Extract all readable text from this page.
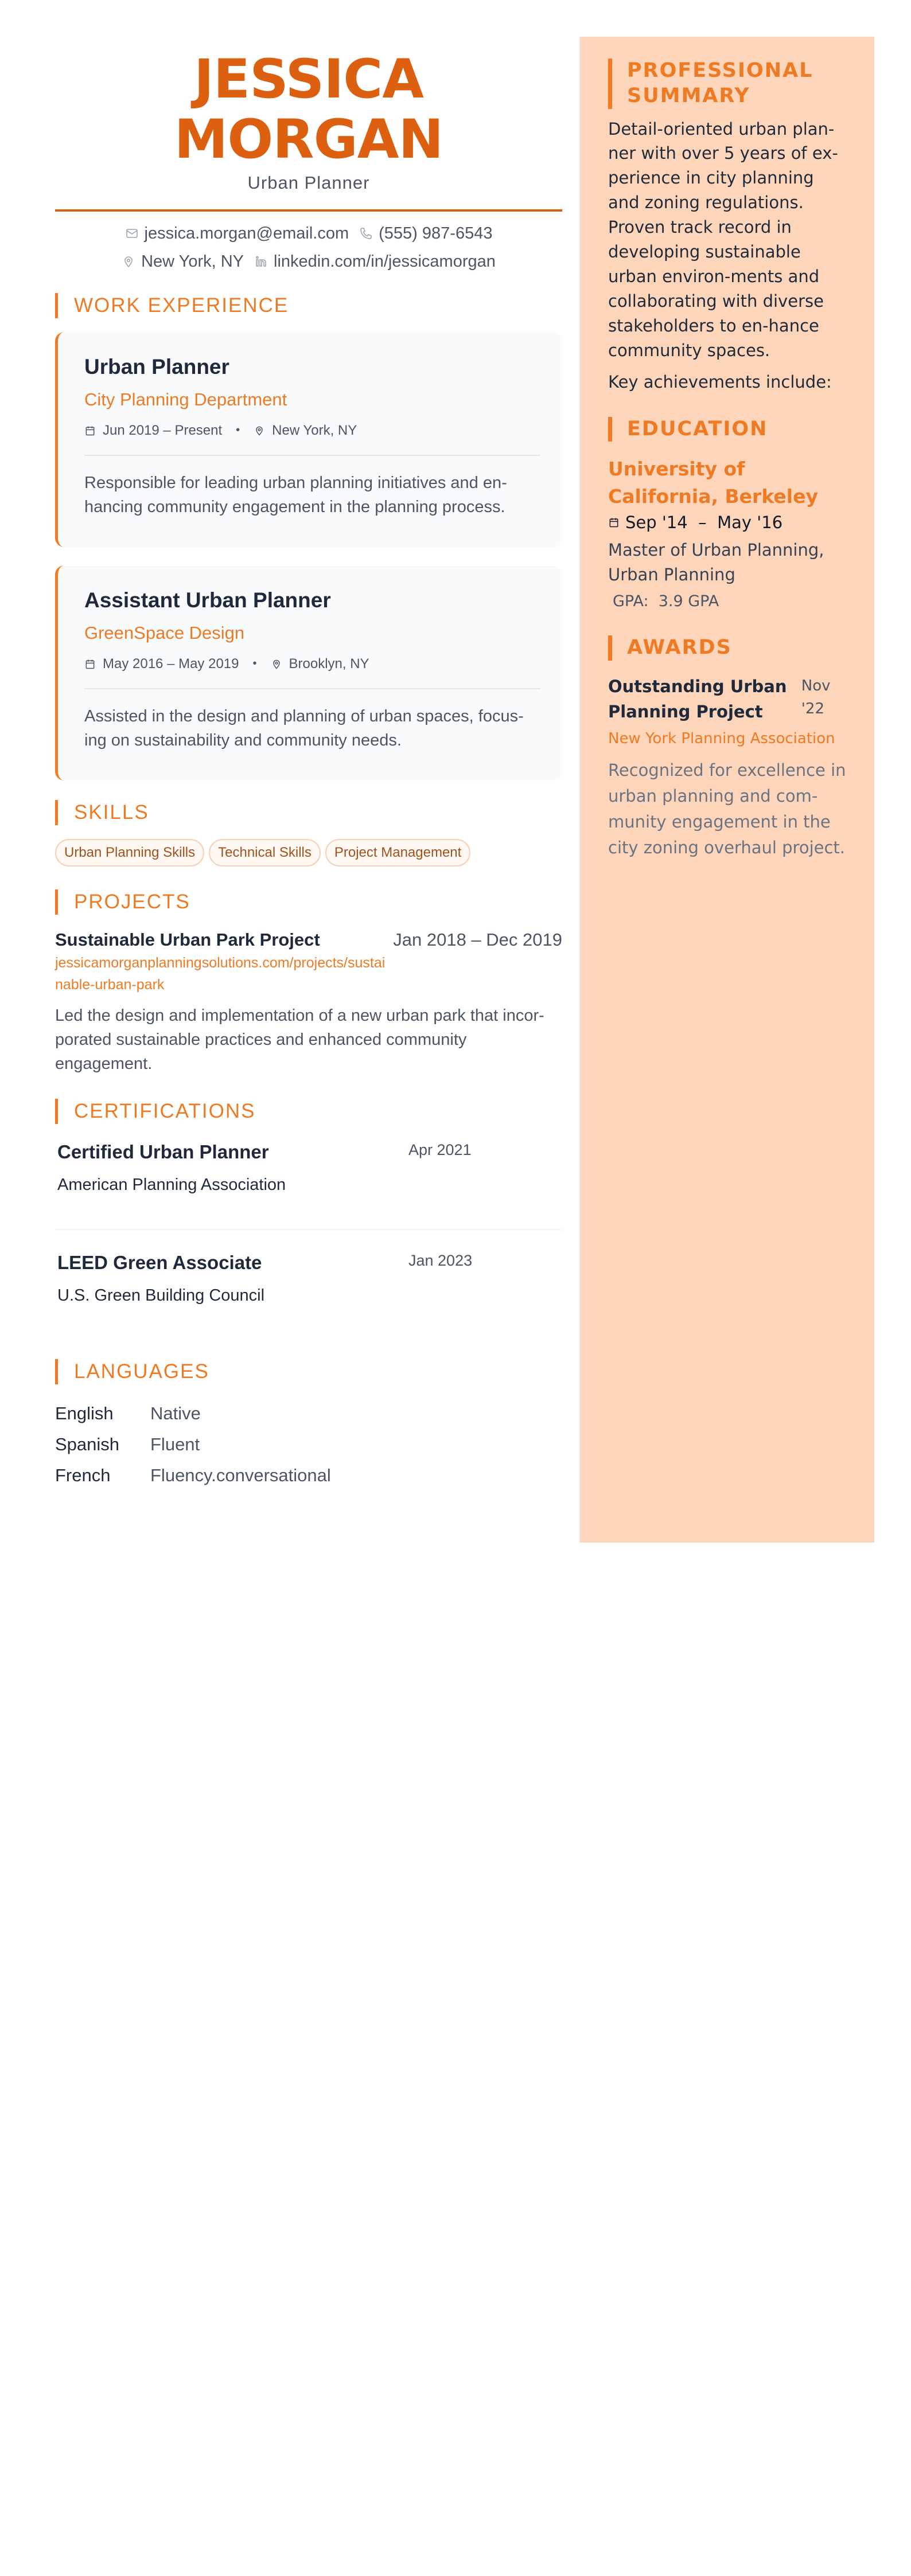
JESSICA MORGAN
Urban Planner
jessica.morgan@email.com (555) 987-6543
New York, NY linkedin.com/in/jessicamorgan
WORK EXPERIENCE
Urban Planner
City Planning Department
Jun 2019 – Present • New York, NY
Responsible for leading urban planning initiatives and en-hancing community engagement in the planning process.
Assistant Urban Planner
GreenSpace Design
May 2016 – May 2019 • Brooklyn, NY
Assisted in the design and planning of urban spaces, focus-ing on sustainability and community needs.
SKILLS
Urban Planning Skills	Technical Skills	Project Management
PROJECTS
Sustainable Urban Park Project	Jan 2018 – Dec 2019
jessicamorganplanningsolutions.com/projects/sustainable-urban-park
Led the design and implementation of a new urban park that incor-porated sustainable practices and enhanced community engagement.
CERTIFICATIONS
Certified Urban Planner	Apr 2021
American Planning Association
LEED Green Associate	Jan 2023
U.S. Green Building Council
LANGUAGES
English	Native
Spanish	Fluent
French	Fluency.conversational
PROFESSIONAL SUMMARY
Detail-oriented urban plan-ner with over 5 years of ex-perience in city planning and zoning regulations. Proven track record in developing sustainable urban environ-ments and collaborating with diverse stakeholders to en-hance community spaces.
Key achievements include:
EDUCATION
University of California, Berkeley
Sep '14  –  May '16
Master of Urban Planning, Urban Planning
GPA:  3.9 GPA
AWARDS
Outstanding Urban Planning Project
Nov '22
New York Planning Association
Recognized for excellence in urban planning and com-munity engagement in the city zoning overhaul project.
